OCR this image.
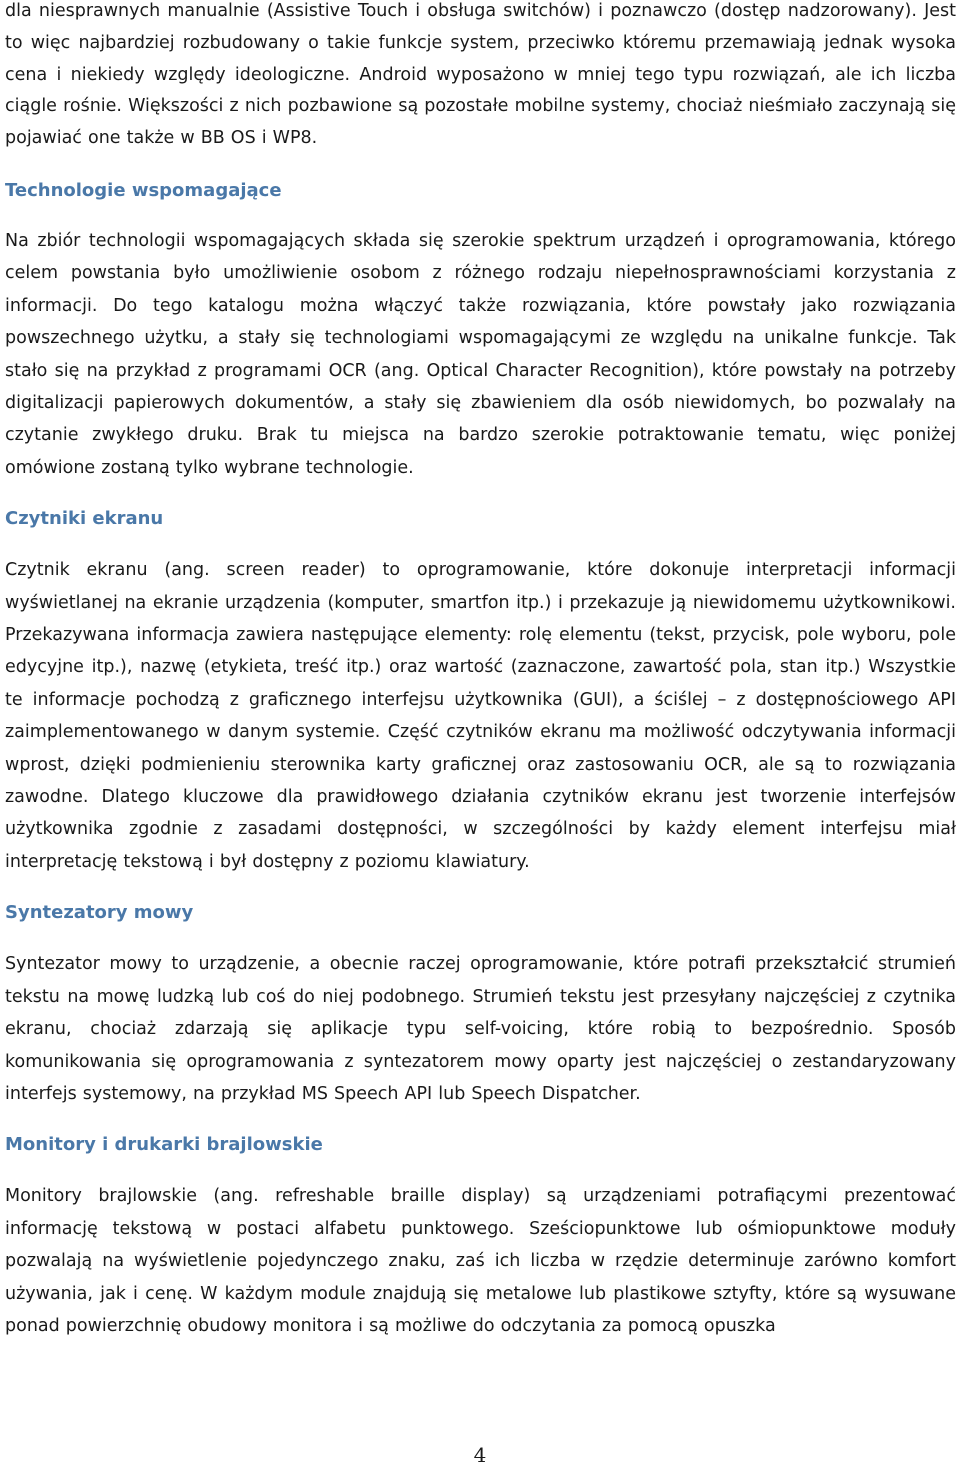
dla niesprawnych manualnie (Assistive Touch i obsługa switchów) i poznawczo (dostęp nadzorowany). Jest to więc najbardziej rozbudowany o takie funkcje system, przeciwko któremu przemawiają jednak wysoka cena i niekiedy względy ideologiczne. Android wyposażono w mniej tego typu rozwiązań, ale ich liczba ciągle rośnie. Większości z nich pozbawione są pozostałe mobilne systemy, chociaż nieśmiało zaczynają się pojawiać one także w BB OS i WP8.

Technologie wspomagające

Na zbiór technologii wspomagających składa się szerokie spektrum urządzeń i oprogramowania, którego celem powstania było umożliwienie osobom z różnego rodzaju niepełnosprawnościami korzystania z informacji. Do tego katalogu można włączyć także rozwiązania, które powstały jako rozwiązania powszechnego użytku, a stały się technologiami wspomagającymi ze względu na unikalne funkcje. Tak stało się na przykład z programami OCR (ang. Optical Character Recognition), które powstały na potrzeby digitalizacji papierowych dokumentów, a stały się zbawieniem dla osób niewidomych, bo pozwalały na czytanie zwykłego druku. Brak tu miejsca na bardzo szerokie potraktowanie tematu, więc poniżej omówione zostaną tylko wybrane technologie.

Czytniki ekranu

Czytnik ekranu (ang. screen reader) to oprogramowanie, które dokonuje interpretacji informacji wyświetlanej na ekranie urządzenia (komputer, smartfon itp.) i przekazuje ją niewidomemu użytkownikowi. Przekazywana informacja zawiera następujące elementy: rolę elementu (tekst, przycisk, pole wyboru, pole edycyjne itp.), nazwę (etykieta, treść itp.) oraz wartość (zaznaczone, zawartość pola, stan itp.) Wszystkie te informacje pochodzą z graficznego interfejsu użytkownika (GUI), a ściślej – z dostępnościowego API zaimplementowanego w danym systemie. Część czytników ekranu ma możliwość odczytywania informacji wprost, dzięki podmienieniu sterownika karty graficznej oraz zastosowaniu OCR, ale są to rozwiązania zawodne. Dlatego kluczowe dla prawidłowego działania czytników ekranu jest tworzenie interfejsów użytkownika zgodnie z zasadami dostępności, w szczególności by każdy element interfejsu miał interpretację tekstową i był dostępny z poziomu klawiatury.

Syntezatory mowy

Syntezator mowy to urządzenie, a obecnie raczej oprogramowanie, które potrafi przekształcić strumień tekstu na mowę ludzką lub coś do niej podobnego. Strumień tekstu jest przesyłany najczęściej z czytnika ekranu, chociaż zdarzają się aplikacje typu self-voicing, które robią to bezpośrednio. Sposób komunikowania się oprogramowania z syntezatorem mowy oparty jest najczęściej o zestandaryzowany interfejs systemowy, na przykład MS Speech API lub Speech Dispatcher.

Monitory i drukarki brajlowskie

Monitory brajlowskie (ang. refreshable braille display) są urządzeniami potrafiącymi prezentować informację tekstową w postaci alfabetu punktowego. Sześciopunktowe lub ośmiopunktowe moduły pozwalają na wyświetlenie pojedynczego znaku, zaś ich liczba w rzędzie determinuje zarówno komfort używania, jak i cenę. W każdym module znajdują się metalowe lub plastikowe sztyfty, które są wysuwane ponad powierzchnię obudowy monitora i są możliwe do odczytania za pomocą opuszka

4
